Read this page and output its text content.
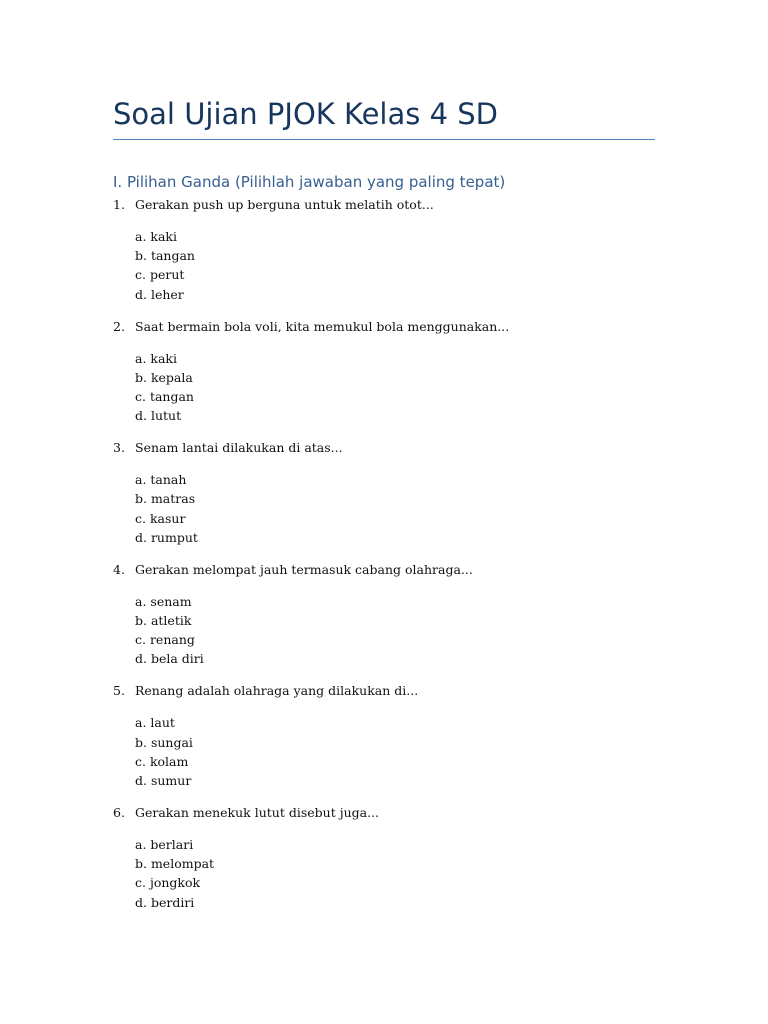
Soal Ujian PJOK Kelas 4 SD
I. Pilihan Ganda (Pilihlah jawaban yang paling tepat)
1. Gerakan push up berguna untuk melatih otot...
a. kaki
b. tangan
c. perut
d. leher
2. Saat bermain bola voli, kita memukul bola menggunakan...
a. kaki
b. kepala
c. tangan
d. lutut
3. Senam lantai dilakukan di atas...
a. tanah
b. matras
c. kasur
d. rumput
4. Gerakan melompat jauh termasuk cabang olahraga...
a. senam
b. atletik
c. renang
d. bela diri
5. Renang adalah olahraga yang dilakukan di...
a. laut
b. sungai
c. kolam
d. sumur
6. Gerakan menekuk lutut disebut juga...
a. berlari
b. melompat
c. jongkok
d. berdiri
